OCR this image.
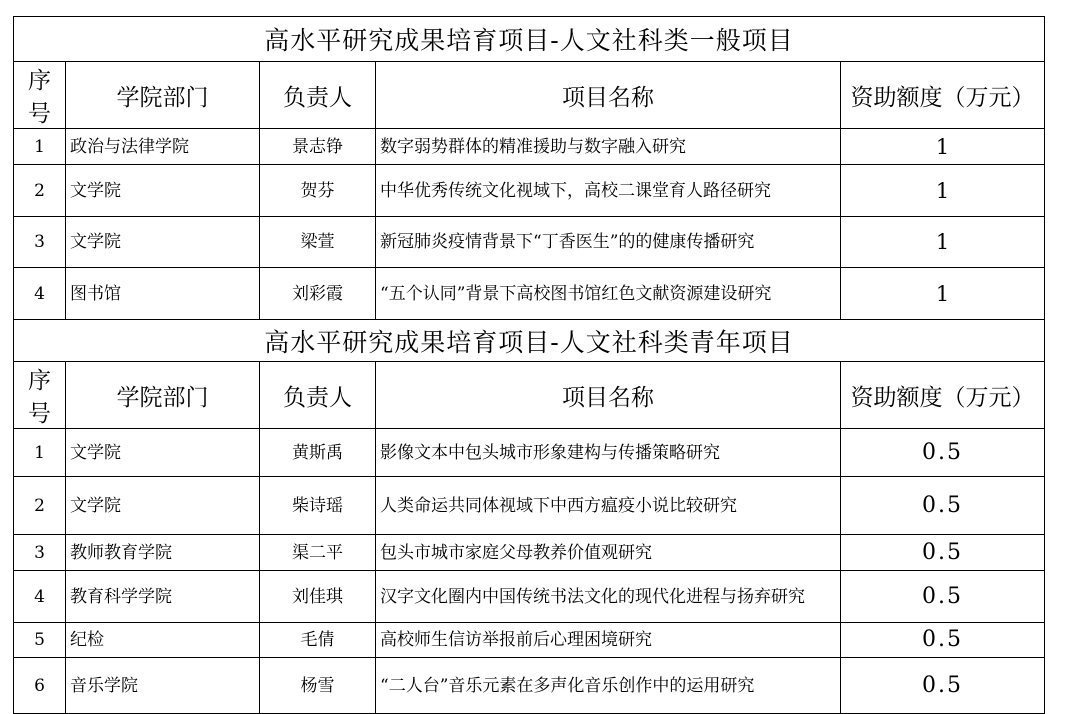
高水平研究成果培育项目-人文社科类一般项目				
序号	学院部门	负责人	项目名称	资助额度（万元）
1	政治与法律学院	景志铮	数字弱势群体的精准援助与数字融入研究	1
2	文学院	贺芬	中华优秀传统文化视域下，高校二课堂育人路径研究	1
3	文学院	梁萱	新冠肺炎疫情背景下“丁香医生”的的健康传播研究	1
4	图书馆	刘彩霞	“五个认同”背景下高校图书馆红色文献资源建设研究	1
高水平研究成果培育项目-人文社科类青年项目				
序号	学院部门	负责人	项目名称	资助额度（万元）
1	文学院	黄斯禹	影像文本中包头城市形象建构与传播策略研究	0.5
2	文学院	柴诗瑶	人类命运共同体视域下中西方瘟疫小说比较研究	0.5
3	教师教育学院	渠二平	包头市城市家庭父母教养价值观研究	0.5
4	教育科学学院	刘佳琪	汉字文化圈内中国传统书法文化的现代化进程与扬弃研究	0.5
5	纪检	毛倩	高校师生信访举报前后心理困境研究	0.5
6	音乐学院	杨雪	“二人台”音乐元素在多声化音乐创作中的运用研究	0.5
